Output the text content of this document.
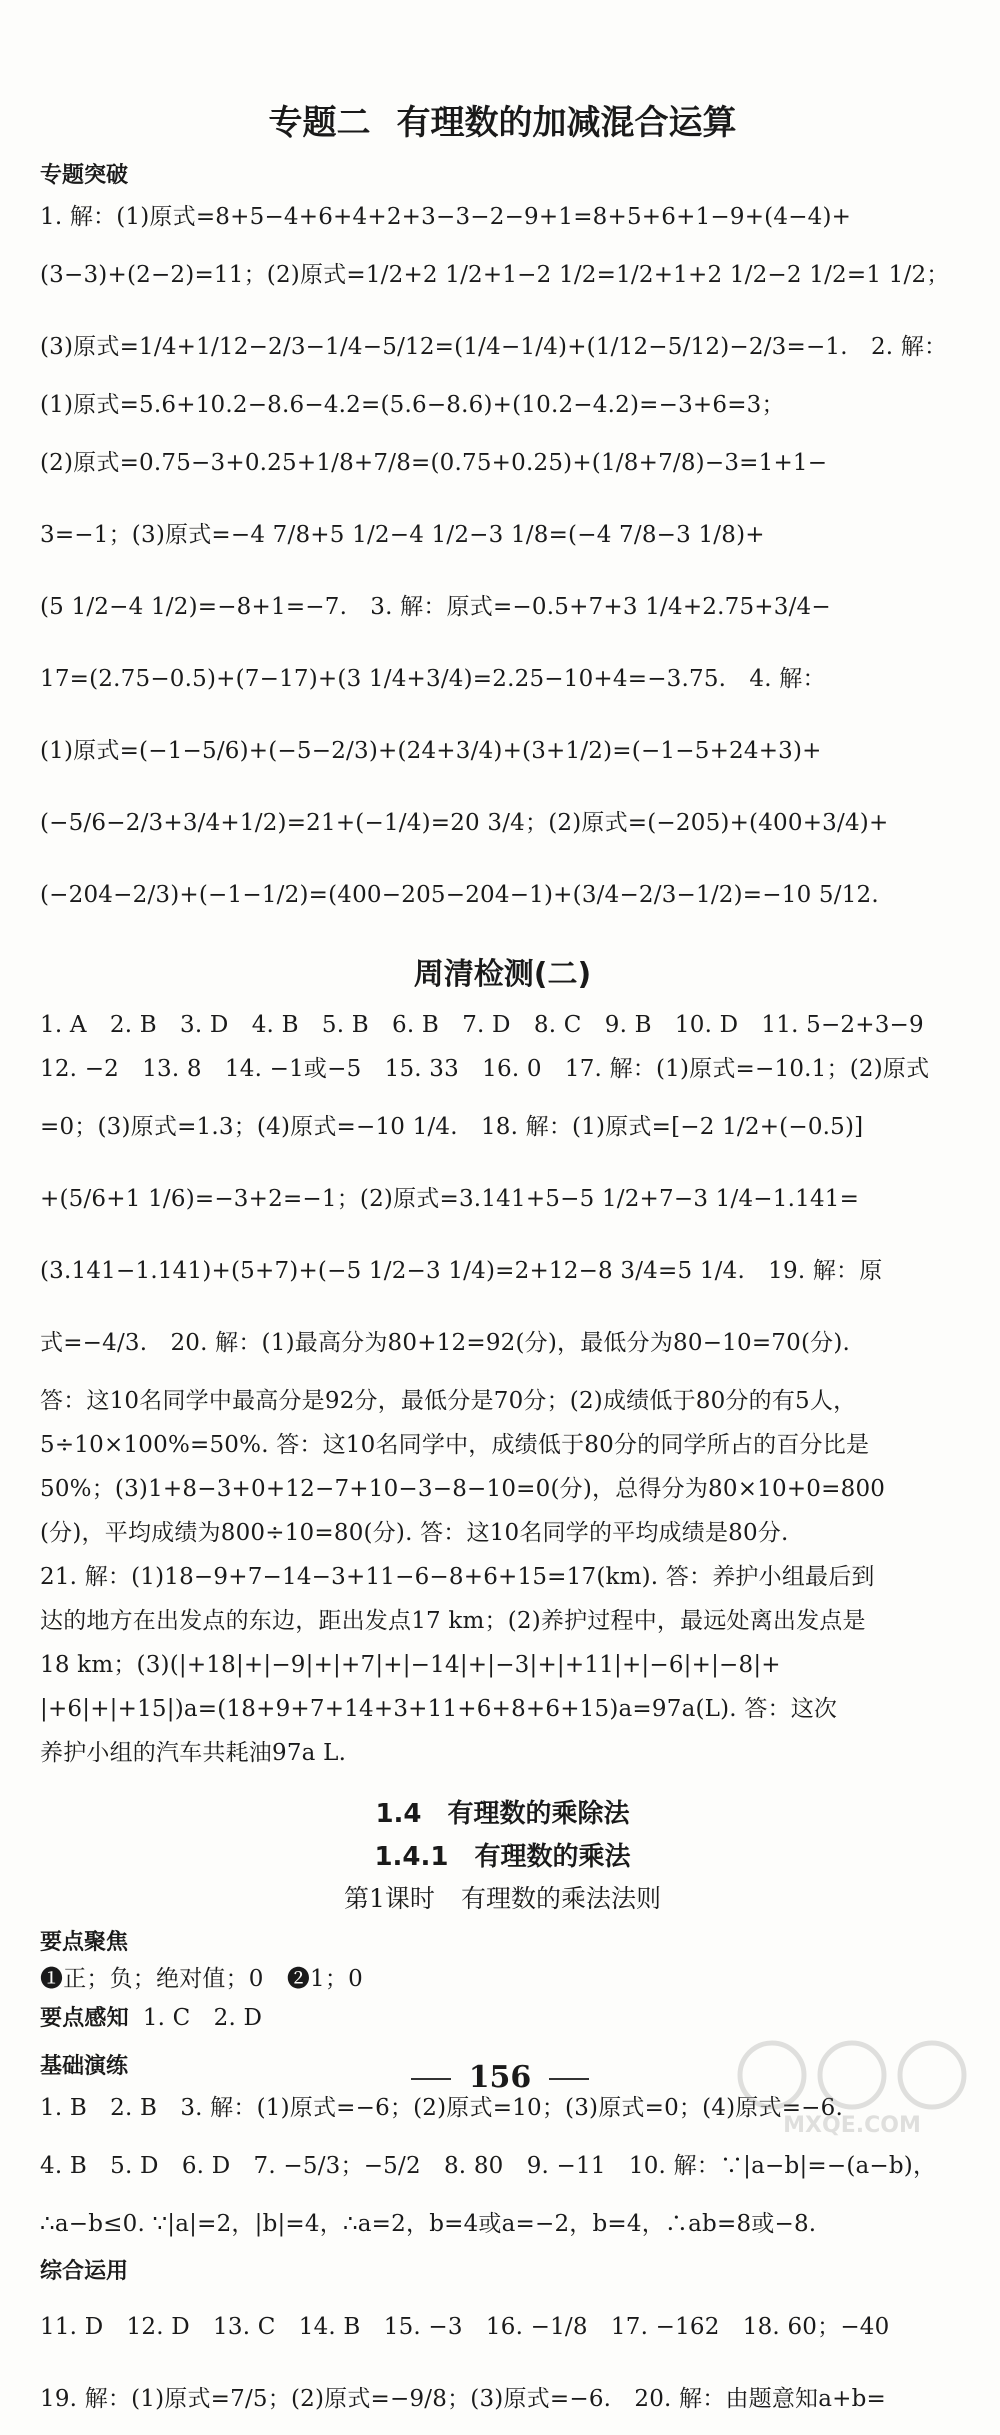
专题二 有理数的加减混合运算
专题突破
1. 解：(1)原式=8+5−4+6+4+2+3−3−2−9+1=8+5+6+1−9+(4−4)+
(3−3)+(2−2)=11；(2)原式=1/2+2 1/2+1−2 1/2=1/2+1+2 1/2−2 1/2=1 1/2；
(3)原式=1/4+1/12−2/3−1/4−5/12=(1/4−1/4)+(1/12−5/12)−2/3=−1.　2. 解：
(1)原式=5.6+10.2−8.6−4.2=(5.6−8.6)+(10.2−4.2)=−3+6=3；
(2)原式=0.75−3+0.25+1/8+7/8=(0.75+0.25)+(1/8+7/8)−3=1+1−
3=−1；(3)原式=−4 7/8+5 1/2−4 1/2−3 1/8=(−4 7/8−3 1/8)+
(5 1/2−4 1/2)=−8+1=−7.　3. 解：原式=−0.5+7+3 1/4+2.75+3/4−
17=(2.75−0.5)+(7−17)+(3 1/4+3/4)=2.25−10+4=−3.75.　4. 解：
(1)原式=(−1−5/6)+(−5−2/3)+(24+3/4)+(3+1/2)=(−1−5+24+3)+
(−5/6−2/3+3/4+1/2)=21+(−1/4)=20 3/4；(2)原式=(−205)+(400+3/4)+
(−204−2/3)+(−1−1/2)=(400−205−204−1)+(3/4−2/3−1/2)=−10 5/12.
周清检测(二)
1. A　2. B　3. D　4. B　5. B　6. B　7. D　8. C　9. B　10. D　11. 5−2+3−9
12. −2　13. 8　14. −1或−5　15. 33　16. 0　17. 解：(1)原式=−10.1；(2)原式
=0；(3)原式=1.3；(4)原式=−10 1/4.　18. 解：(1)原式=[−2 1/2+(−0.5)]
+(5/6+1 1/6)=−3+2=−1；(2)原式=3.141+5−5 1/2+7−3 1/4−1.141=
(3.141−1.141)+(5+7)+(−5 1/2−3 1/4)=2+12−8 3/4=5 1/4.　19. 解：原
式=−4/3.　20. 解：(1)最高分为80+12=92(分)，最低分为80−10=70(分).
答：这10名同学中最高分是92分，最低分是70分；(2)成绩低于80分的有5人，
5÷10×100%=50%. 答：这10名同学中，成绩低于80分的同学所占的百分比是
50%；(3)1+8−3+0+12−7+10−3−8−10=0(分)，总得分为80×10+0=800
(分)，平均成绩为800÷10=80(分). 答：这10名同学的平均成绩是80分.
21. 解：(1)18−9+7−14−3+11−6−8+6+15=17(km). 答：养护小组最后到
达的地方在出发点的东边，距出发点17 km；(2)养护过程中，最远处离出发点是
18 km；(3)(|+18|+|−9|+|+7|+|−14|+|−3|+|+11|+|−6|+|−8|+
|+6|+|+15|)a=(18+9+7+14+3+11+6+8+6+15)a=97a(L). 答：这次
养护小组的汽车共耗油97a L.
1.4 有理数的乘除法
1.4.1 有理数的乘法
第1课时 有理数的乘法法则
要点聚焦
❶正；负；绝对值；0　❷1；0
要点感知 1. C　2. D
基础演练
1. B　2. B　3. 解：(1)原式=−6；(2)原式=10；(3)原式=0；(4)原式=−6.
4. B　5. D　6. D　7. −5/3；−5/2　8. 80　9. −11　10. 解：∵|a−b|=−(a−b)，
∴a−b≤0. ∵|a|=2，|b|=4，∴a=2，b=4或a=−2，b=4，∴ab=8或−8.
综合运用
11. D　12. D　13. C　14. B　15. −3　16. −1/8　17. −162　18. 60；−40
19. 解：(1)原式=7/5；(2)原式=−9/8；(3)原式=−6.　20. 解：由题意知a+b=
156
MXQE.COM
